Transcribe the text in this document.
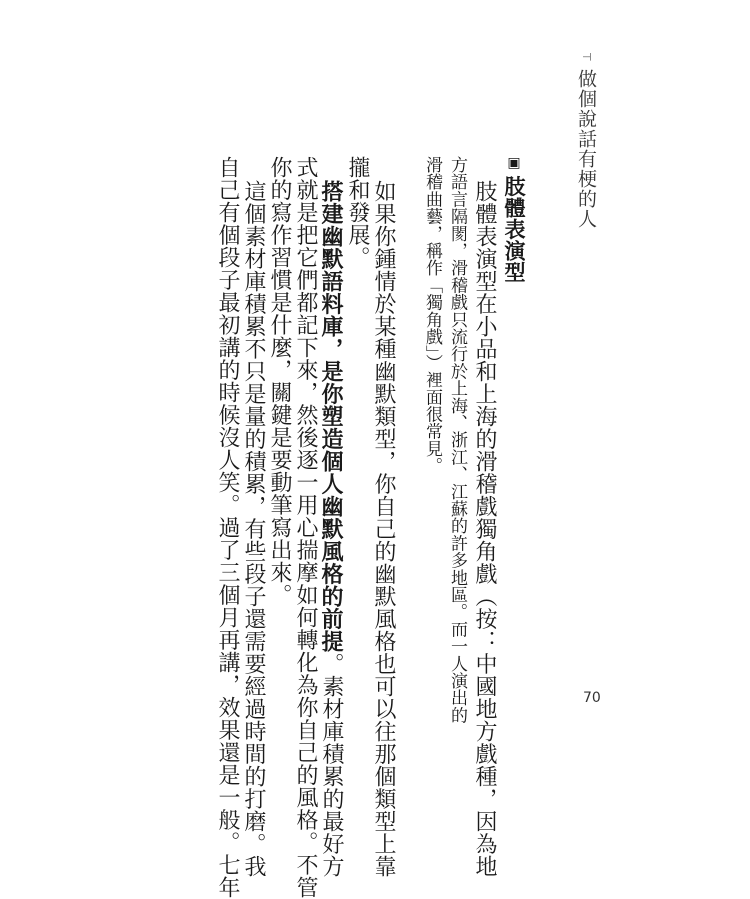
⊤做個說話有梗的人
▣肢體表演型
肢體表演型在小品和上海的滑稽戲獨角戲（按：中國地方戲種，因為地
方語言隔閡，滑稽戲只流行於上海、浙江、江蘇的許多地區。而一人演出的
滑稽曲藝，稱作「獨角戲」）裡面很常見。
如果你鍾情於某種幽默類型，你自己的幽默風格也可以往那個類型上靠
攏和發展。
搭建幽默語料庫，是你塑造個人幽默風格的前提。素材庫積累的最好方
式就是把它們都記下來，然後逐一用心揣摩如何轉化為你自己的風格。不管
你的寫作習慣是什麼，關鍵是要動筆寫出來。
這個素材庫積累不只是量的積累，有些段子還需要經過時間的打磨。我
自己有個段子最初講的時候沒人笑。過了三個月再講，效果還是一般。七年	70
